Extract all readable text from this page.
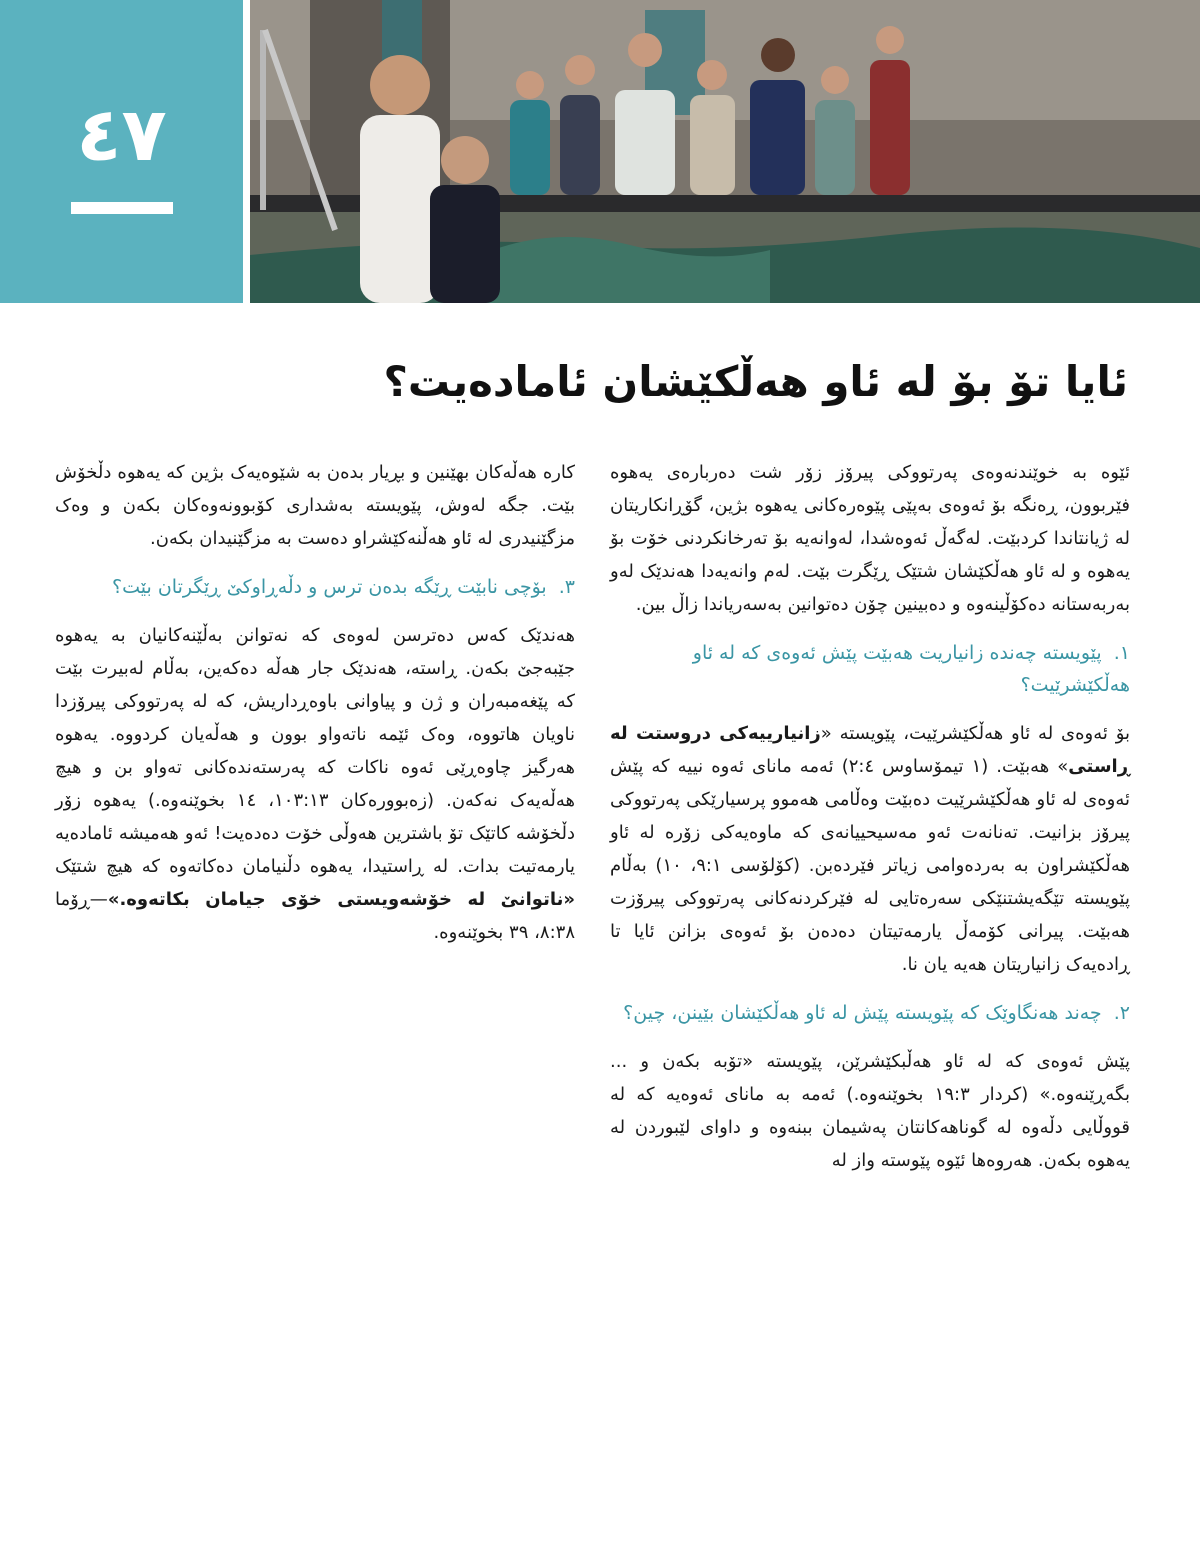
٤٧
ئایا تۆ بۆ لە ئاو هەڵکێشان ئامادەیت؟

ئێوە بە خوێندنەوەی پەرتووکی پیرۆز زۆر شت دەربارەی یەهوە فێربوون، ڕەنگە بۆ ئەوەی بەپێی پێوەرەکانی یەهوە بژین، گۆڕانکاریتان لە ژیانتاندا کردبێت. لەگەڵ ئەوەشدا، لەوانەیە بۆ تەرخانکردنی خۆت بۆ یەهوە و لە ئاو هەڵکێشان شتێک ڕێگرت بێت. لەم وانەیەدا هەندێک لەو بەربەستانە دەکۆڵینەوە و دەبینین چۆن دەتوانین بەسەریاندا زاڵ بین.

١. پێویستە چەندە زانیاریت هەبێت پێش ئەوەی کە لە ئاو هەڵکێشرێیت؟

بۆ ئەوەی لە ئاو هەڵکێشرێیت، پێویستە «زانیارییەکی دروستت لە ڕاستی» هەبێت. (١ تیمۆساوس ٢:٤) ئەمە مانای ئەوە نییە کە پێش ئەوەی لە ئاو هەڵکێشرێیت دەبێت وەڵامی هەموو پرسیارێکی پەرتووکی پیرۆز بزانیت. تەنانەت ئەو مەسیحییانەی کە ماوەیەکی زۆرە لە ئاو هەڵکێشراون بە بەردەوامی زیاتر فێردەبن. (کۆلۆسی ٩:١، ١٠) بەڵام پێویستە تێگەیشتنێکی سەرەتایی لە فێرکردنەکانی پەرتووکی پیرۆزت هەبێت. پیرانی کۆمەڵ یارمەتیتان دەدەن بۆ ئەوەی بزانن ئایا تا ڕادەیەک زانیاریتان هەیە یان نا.

٢. چەند هەنگاوێک کە پێویستە پێش لە ئاو هەڵکێشان بێینن، چین؟

پێش ئەوەی کە لە ئاو هەڵبکێشرێن، پێویستە «تۆبە بکەن و ... بگەڕێنەوە.» (کردار ١٩:٣ بخوێنەوە.) ئەمە بە مانای ئەوەیە کە لە قووڵایی دڵەوە لە گوناهەکانتان پەشیمان ببنەوە و داوای لێبوردن لە یەهوە بکەن. هەروەها ئێوە پێوستە واز لە

کارە هەڵەکان بهێنین و بڕیار بدەن بە شێوەیەک بژین کە یەهوە دڵخۆش بێت. جگە لەوش، پێویستە بەشداری کۆبوونەوەکان بکەن و وەک مزگێنیدری لە ئاو هەڵنەکێشراو دەست بە مزگێنیدان بکەن.

٣. بۆچی نابێت ڕێگە بدەن ترس و دڵەڕاوکێ ڕێگرتان بێت؟

هەندێک کەس دەترسن لەوەی کە نەتوانن بەڵێنەکانیان بە یەهوە جێبەجێ بکەن. ڕاستە، هەندێک جار هەڵە دەکەین، بەڵام لەبیرت بێت کە پێغەمبەران و ژن و پیاوانی باوەڕداریش، کە لە پەرتووکی پیرۆزدا ناویان هاتووە، وەک ئێمە ناتەواو بوون و هەڵەیان کردووە. یەهوە هەرگیز چاوەڕێی ئەوە ناکات کە پەرستەندەکانی تەواو بن و هیچ هەڵەیەک نەکەن. (زەبوورەکان ١٠٣:١٣، ١٤ بخوێنەوە.) یەهوە زۆر دڵخۆشە کاتێک تۆ باشترین هەوڵی خۆت دەدەیت! ئەو هەمیشە ئامادەیە یارمەتیت بدات. لە ڕاستیدا، یەهوە دڵنیامان دەکاتەوە کە هیچ شتێک «ناتوانێ لە خۆشەویستی خۆی جیامان بکاتەوە.»—ڕۆما ٨:٣٨، ٣٩ بخوێنەوە.
